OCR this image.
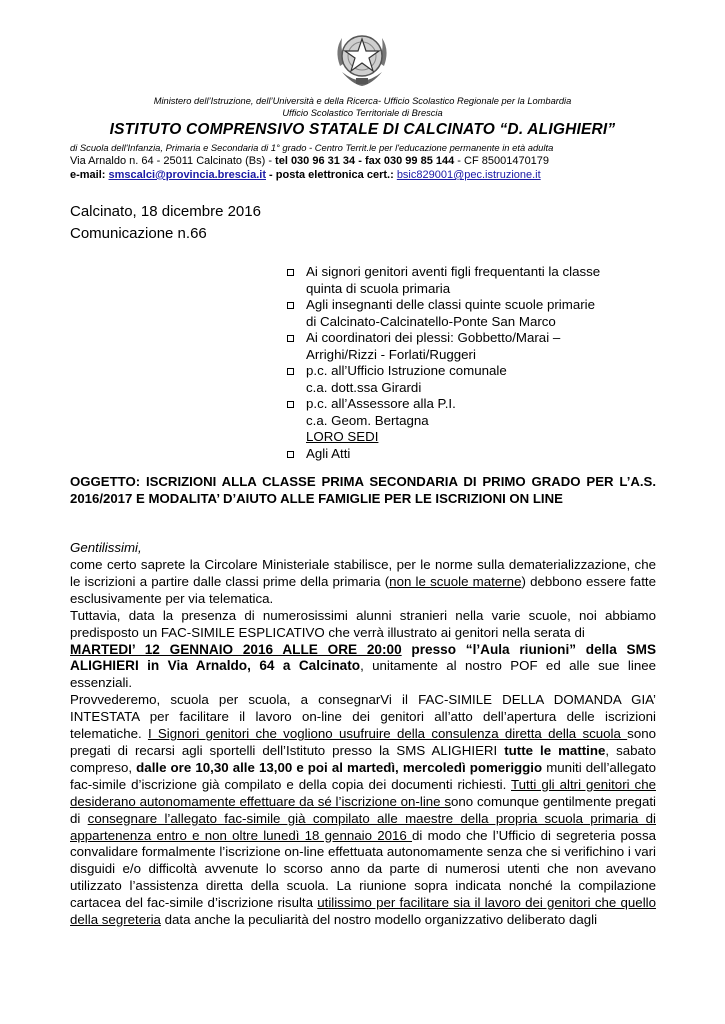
Ministero dell’Istruzione, dell’Università e della Ricerca- Ufficio Scolastico Regionale per la Lombardia
Ufficio Scolastico Territoriale di Brescia
ISTITUTO COMPRENSIVO STATALE DI CALCINATO “D. ALIGHIERI”
di Scuola dell'Infanzia, Primaria e Secondaria di 1° grado - Centro Territ.le per l'educazione permanente in età adulta
Via Arnaldo n. 64 - 25011 Calcinato (Bs) - tel 030 96 31 34 - fax 030 99 85 144 - CF 85001470179
e-mail: smscalci@provincia.brescia.it - posta elettronica cert.: bsic829001@pec.istruzione.it
Calcinato, 18 dicembre 2016
Comunicazione n.66
Ai signori genitori aventi figli frequentanti la classe
quinta di scuola primaria
Agli insegnanti delle classi quinte scuole primarie
di Calcinato-Calcinatello-Ponte San Marco
Ai coordinatori dei plessi: Gobbetto/Marai –
Arrighi/Rizzi - Forlati/Ruggeri
p.c. all’Ufficio Istruzione comunale
c.a. dott.ssa Girardi
p.c. all’Assessore alla P.I.
c.a. Geom. Bertagna
LORO SEDI
Agli Atti
OGGETTO: ISCRIZIONI ALLA CLASSE PRIMA SECONDARIA DI PRIMO GRADO PER L’A.S. 2016/2017 E MODALITA’ D’AIUTO ALLE FAMIGLIE PER LE ISCRIZIONI ON LINE
Gentilissimi,
come certo saprete la Circolare Ministeriale stabilisce, per le norme sulla dematerializzazione, che le iscrizioni a partire dalle classi prime della primaria (non le scuole materne) debbono essere fatte esclusivamente per via telematica.
Tuttavia, data la presenza di numerosissimi alunni stranieri nella varie scuole, noi abbiamo predisposto un FAC-SIMILE ESPLICATIVO che verrà illustrato ai genitori nella serata di
MARTEDI’ 12 GENNAIO 2016 ALLE ORE 20:00 presso “l’Aula riunioni” della SMS ALIGHIERI in Via Arnaldo, 64 a Calcinato, unitamente al nostro POF ed alle sue linee essenziali.
Provvederemo, scuola per scuola, a consegnarVi il FAC-SIMILE DELLA DOMANDA GIA’ INTESTATA per facilitare il lavoro on-line dei genitori all’atto dell’apertura delle iscrizioni telematiche. I Signori genitori che vogliono usufruire della consulenza diretta della scuola sono pregati di recarsi agli sportelli dell’Istituto presso la SMS ALIGHIERI tutte le mattine, sabato compreso, dalle ore 10,30 alle 13,00 e poi al martedì, mercoledì pomeriggio muniti dell’allegato fac-simile d’iscrizione già compilato e della copia dei documenti richiesti. Tutti gli altri genitori che desiderano autonomamente effettuare da sé l’iscrizione on-line sono comunque gentilmente pregati di consegnare l’allegato fac-simile già compilato alle maestre della propria scuola primaria di appartenenza entro e non oltre lunedì 18 gennaio 2016 di modo che l’Ufficio di segreteria possa convalidare formalmente l’iscrizione on-line effettuata autonomamente senza che si verifichino i vari disguidi e/o difficoltà avvenute lo scorso anno da parte di numerosi utenti che non avevano utilizzato l’assistenza diretta della scuola. La riunione sopra indicata nonché la compilazione cartacea del fac-simile d’iscrizione risulta utilissimo per facilitare sia il lavoro dei genitori che quello della segreteria data anche la peculiarità del nostro modello organizzativo deliberato dagli
